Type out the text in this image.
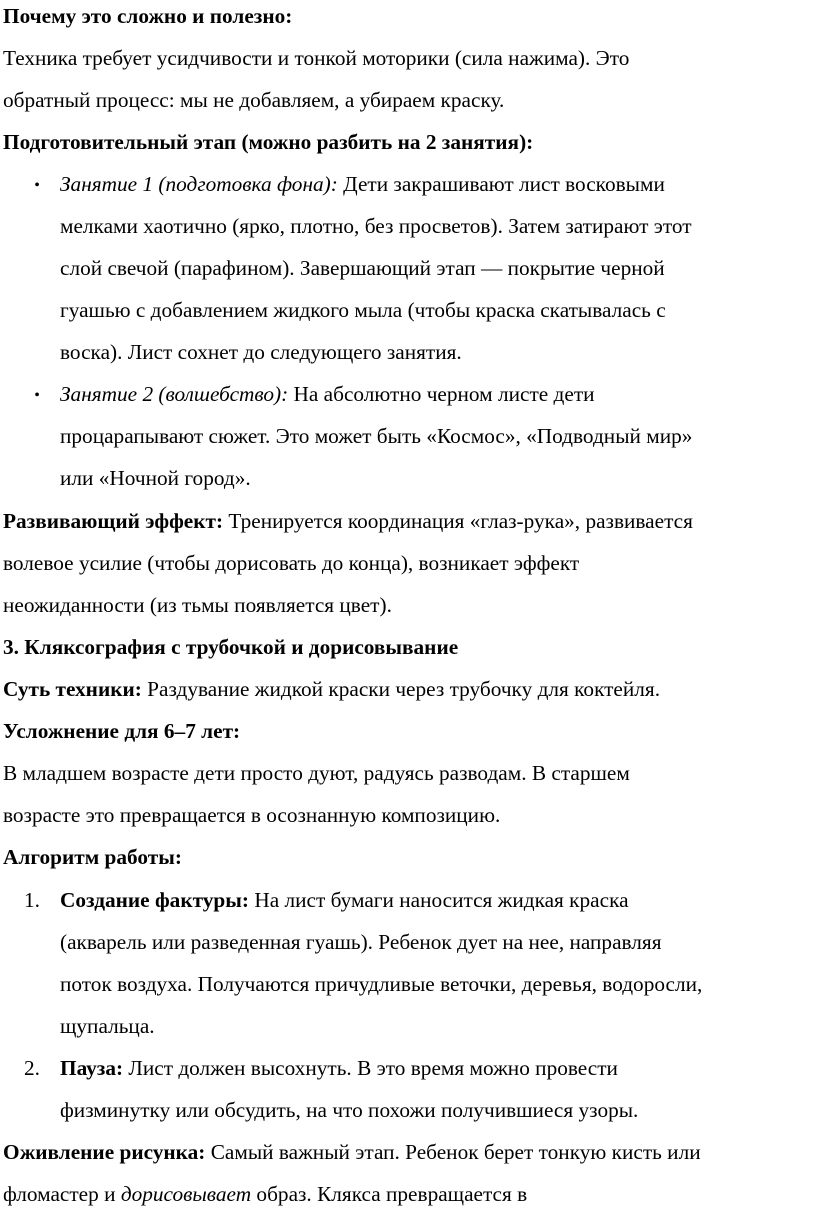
Почему это сложно и полезно:

Техника требует усидчивости и тонкой моторики (сила нажима). Это

обратный процесс: мы не добавляем, а убираем краску.

Подготовительный этап (можно разбить на 2 занятия):

• Занятие 1 (подготовка фона): Дети закрашивают лист восковыми

мелками хаотично (ярко, плотно, без просветов). Затем затирают этот

слой свечой (парафином). Завершающий этап — покрытие черной

гуашью с добавлением жидкого мыла (чтобы краска скатывалась с

воска). Лист сохнет до следующего занятия.

• Занятие 2 (волшебство): На абсолютно черном листе дети

процарапывают сюжет. Это может быть «Космос», «Подводный мир»

или «Ночной город».

Развивающий эффект: Тренируется координация «глаз-рука», развивается

волевое усилие (чтобы дорисовать до конца), возникает эффект

неожиданности (из тьмы появляется цвет).

3. Кляксография с трубочкой и дорисовывание

Суть техники: Раздувание жидкой краски через трубочку для коктейля.

Усложнение для 6–7 лет:

В младшем возрасте дети просто дуют, радуясь разводам. В старшем

возрасте это превращается в осознанную композицию.

Алгоритм работы:

1. Создание фактуры: На лист бумаги наносится жидкая краска

(акварель или разведенная гуашь). Ребенок дует на нее, направляя

поток воздуха. Получаются причудливые веточки, деревья, водоросли,

щупальца.

2. Пауза: Лист должен высохнуть. В это время можно провести

физминутку или обсудить, на что похожи получившиеся узоры.

Оживление рисунка: Самый важный этап. Ребенок берет тонкую кисть или

фломастер и дорисовывает образ. Клякса превращается в
